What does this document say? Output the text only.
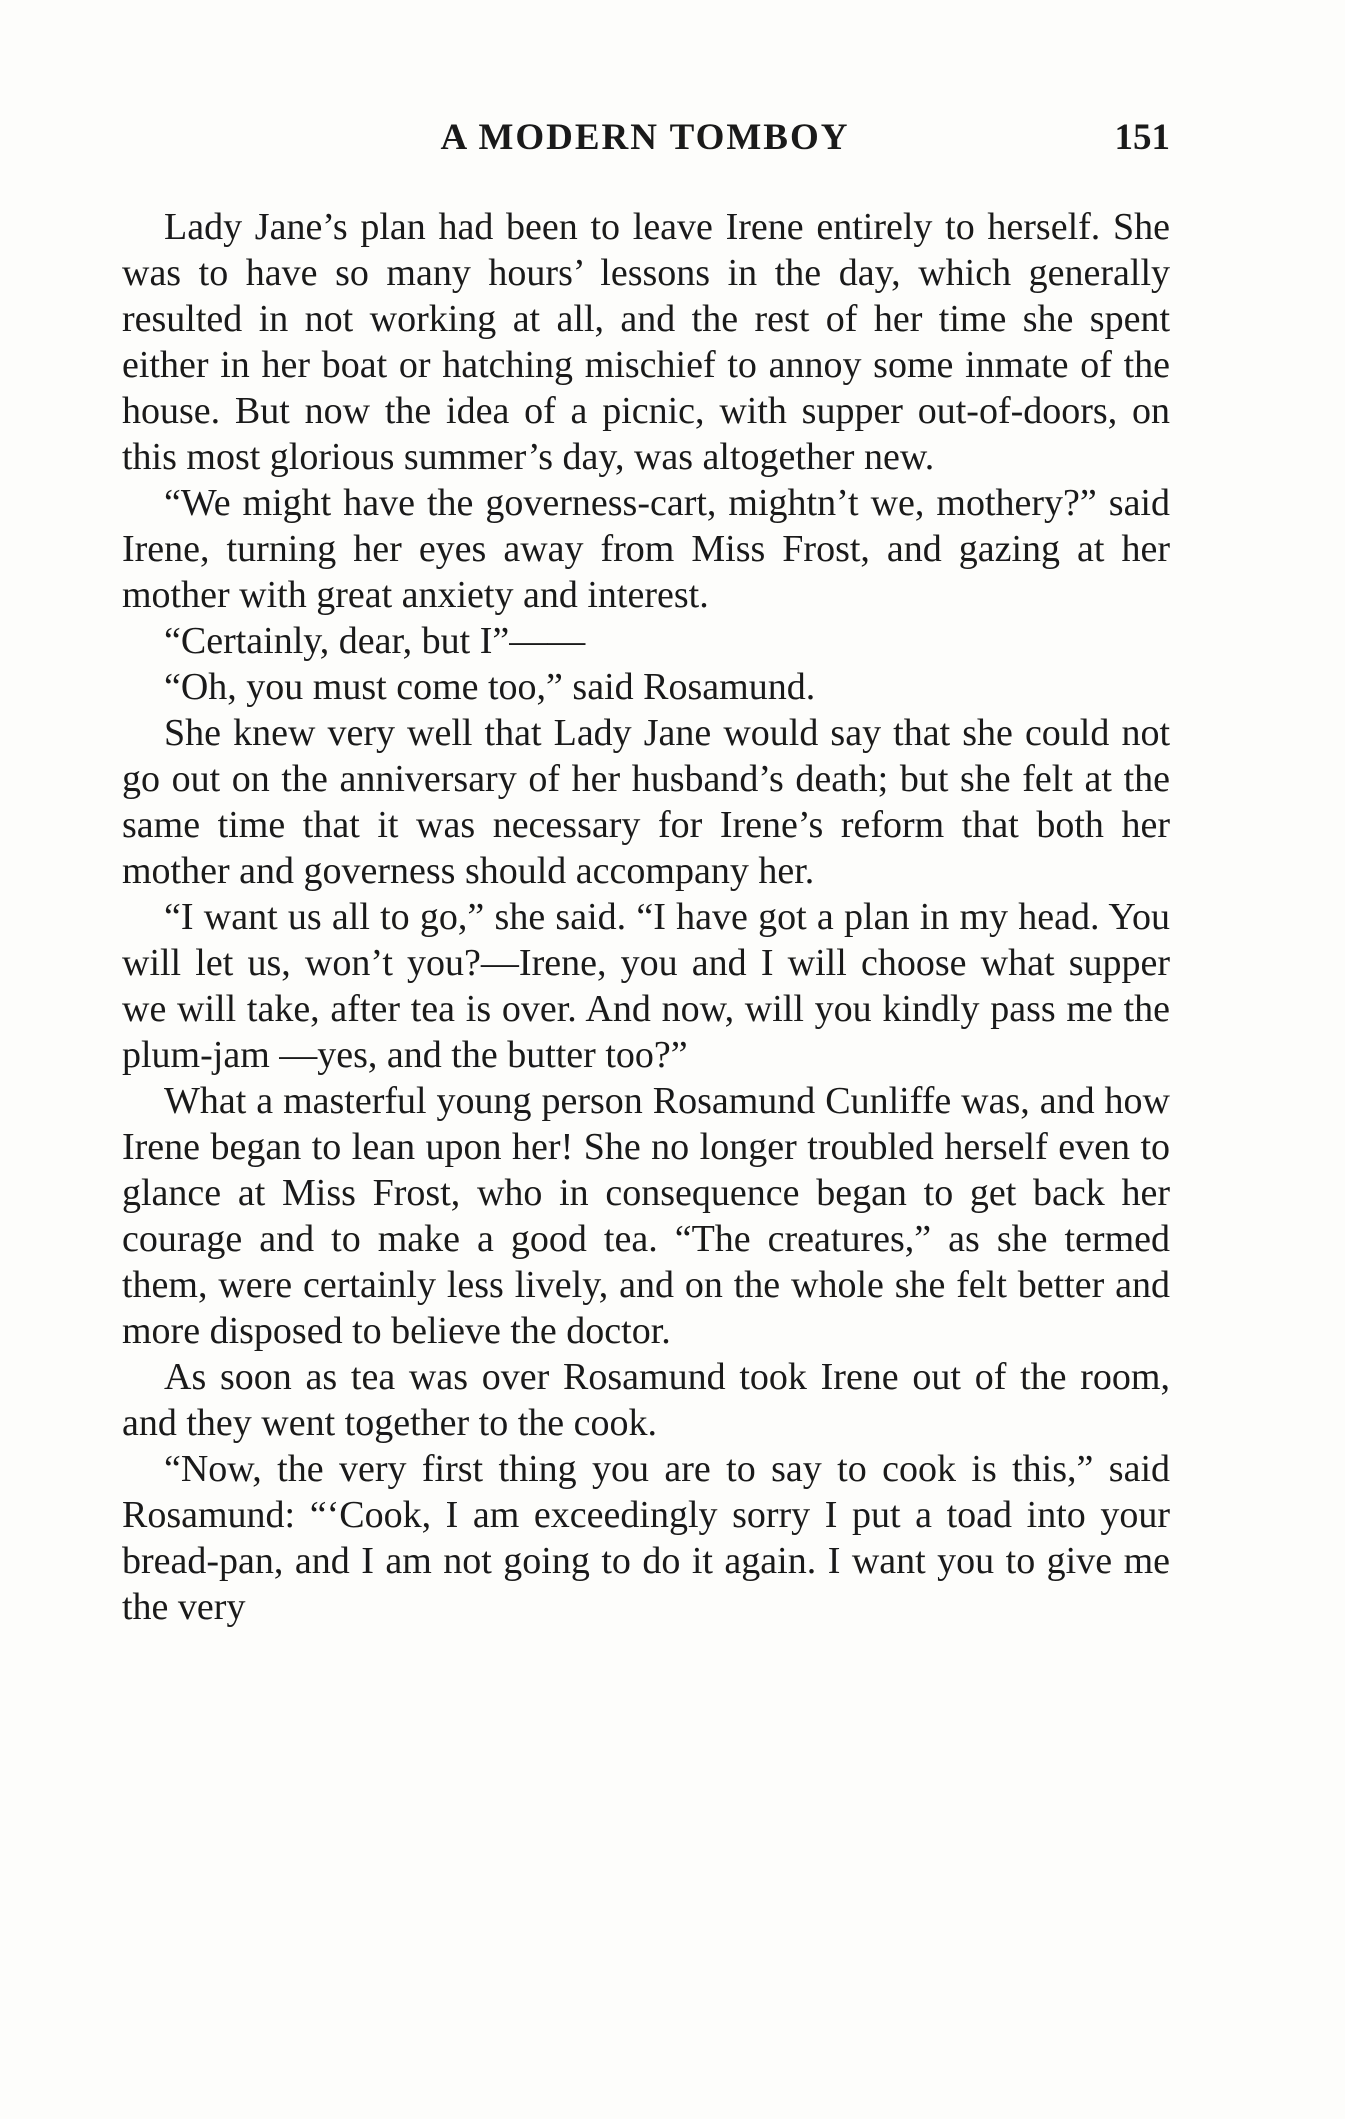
A MODERN TOMBOY	151

Lady Jane’s plan had been to leave Irene entirely to herself. She was to have so many hours’ lessons in the day, which generally resulted in not working at all, and the rest of her time she spent either in her boat or hatching mischief to annoy some inmate of the house. But now the idea of a picnic, with supper out-of-doors, on this most glorious summer’s day, was altogether new.

“We might have the governess-cart, mightn’t we, mothery?” said Irene, turning her eyes away from Miss Frost, and gazing at her mother with great anxiety and interest.

“Certainly, dear, but I”——

“Oh, you must come too,” said Rosamund.

She knew very well that Lady Jane would say that she could not go out on the anniversary of her husband’s death; but she felt at the same time that it was necessary for Irene’s reform that both her mother and governess should accompany her.

“I want us all to go,” she said. “I have got a plan in my head. You will let us, won’t you?—Irene, you and I will choose what supper we will take, after tea is over. And now, will you kindly pass me the plum-jam —yes, and the butter too?”

What a masterful young person Rosamund Cunliffe was, and how Irene began to lean upon her! She no longer troubled herself even to glance at Miss Frost, who in consequence began to get back her courage and to make a good tea. “The creatures,” as she termed them, were certainly less lively, and on the whole she felt better and more disposed to believe the doctor.

As soon as tea was over Rosamund took Irene out of the room, and they went together to the cook.

“Now, the very first thing you are to say to cook is this,” said Rosamund: “‘Cook, I am exceedingly sorry I put a toad into your bread-pan, and I am not going to do it again. I want you to give me the very
